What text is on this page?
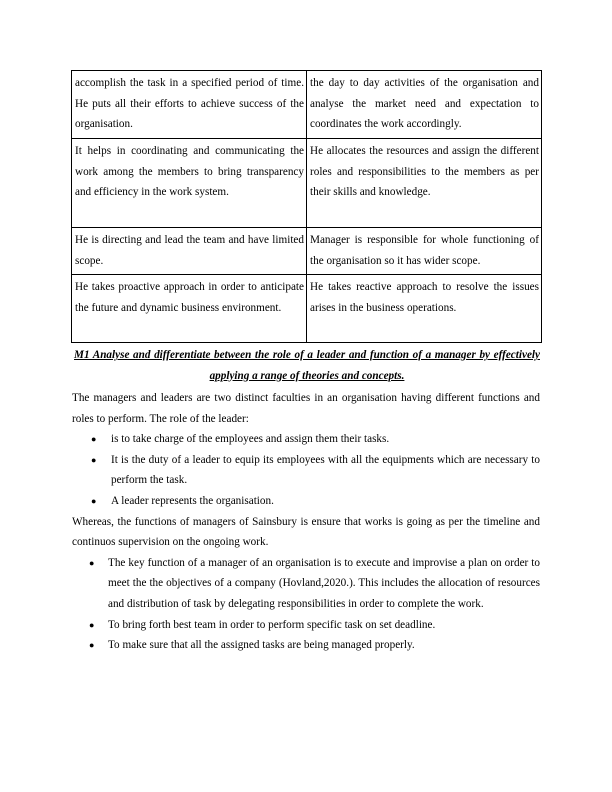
accomplish the task in a specified period of time. He puts all their efforts to achieve success of the organisation.	the day to day activities of the organisation and analyse the market need and expectation to coordinates the work accordingly.
It helps in coordinating and communicating the work among the members to bring transparency and efficiency in the work system.	He allocates the resources and assign the different roles and responsibilities to the members as per their skills and knowledge.
He is directing and lead the team and have limited scope.	Manager is responsible for whole functioning of the organisation so it has wider scope.
He takes proactive approach in order to anticipate the future and dynamic business environment.	He takes reactive approach to resolve the issues arises in the business operations.

M1 Analyse and differentiate between the role of a leader and function of a manager by effectively applying a range of theories and concepts.

The managers and leaders are two distinct faculties in an organisation having different functions and roles to perform. The role of the leader:

● is to take charge of the employees and assign them their tasks.
● It is the duty of a leader to equip its employees with all the equipments which are necessary to perform the task.
● A leader represents the organisation.

Whereas, the functions of managers of Sainsbury is ensure that works is going as per the timeline and continuos supervision on the ongoing work.

● The key function of a manager of an organisation is to execute and improvise a plan on order to meet the the objectives of a company (Hovland,2020.). This includes the allocation of resources and distribution of task by delegating responsibilities in order to complete the work.
● To bring forth best team in order to perform specific task on set deadline.
● To make sure that all the assigned tasks are being managed properly.
